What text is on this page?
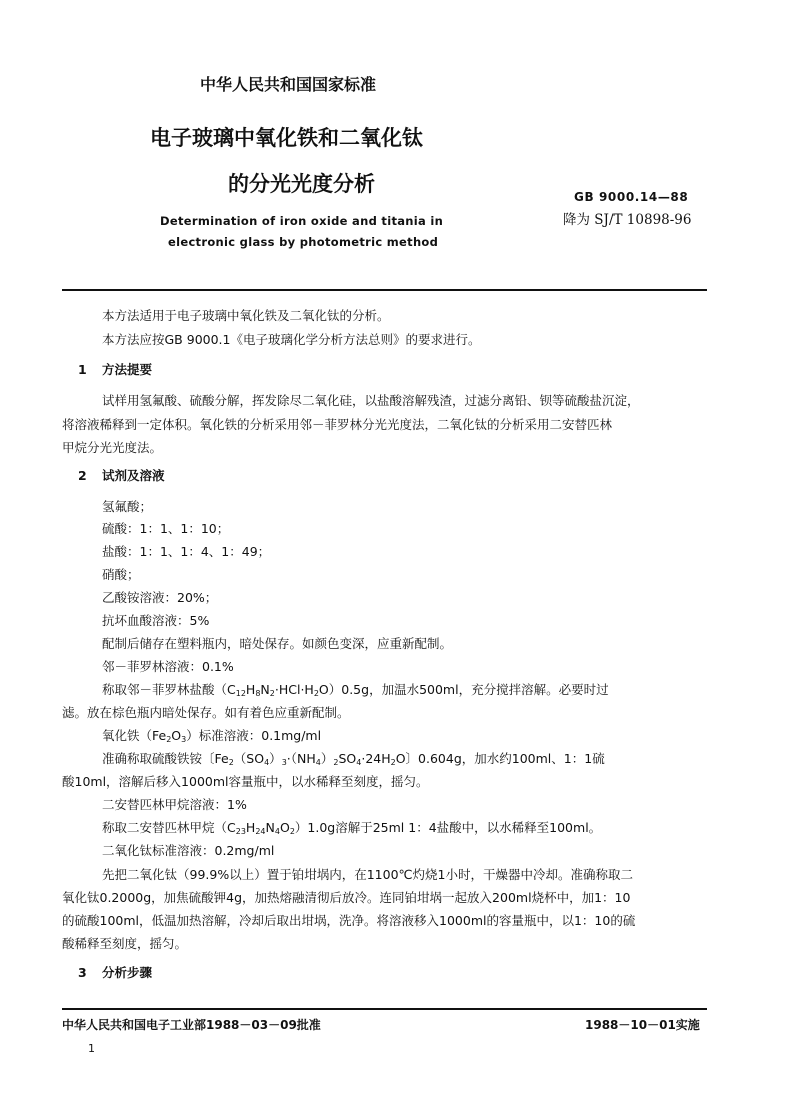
中华人民共和国国家标准
电子玻璃中氧化铁和二氧化钛
的分光光度分析
Determination of iron oxide and titania in
electronic glass by photometric method
GB 9000.14—88
降为 SJ/T 10898-96
本方法适用于电子玻璃中氧化铁及二氧化钛的分析。
本方法应按GB 9000.1《电子玻璃化学分析方法总则》的要求进行。
1 方法提要
试样用氢氟酸、硫酸分解，挥发除尽二氧化硅，以盐酸溶解残渣，过滤分离铅、钡等硫酸盐沉淀，
将溶液稀释到一定体积。氧化铁的分析采用邻－菲罗林分光光度法，二氧化钛的分析采用二安替匹林
甲烷分光光度法。
2 试剂及溶液
氢氟酸；
硫酸：1：1、1：10；
盐酸：1：1、1：4、1：49；
硝酸；
乙酸铵溶液：20%；
抗坏血酸溶液：5%
配制后储存在塑料瓶内，暗处保存。如颜色变深，应重新配制。
邻－菲罗林溶液：0.1%
称取邻－菲罗林盐酸$(C_{12}H_8N_2\cdot HCl\cdot H_2O)0.5g$，加温水500ml，充分搅拌溶解。必要时过
滤。放在棕色瓶内暗处保存。如有着色应重新配制。
氧化铁$(Fe_2O_3)$标准溶液：0.1mg/ml
准确称取硫酸铁铵〔$Fe_2(SO_4)_3\cdot(NH_4)_2SO_4\cdot 24H_2O$〕0.604g，加水约100ml、1：1硫
酸10ml，溶解后移入1000ml容量瓶中，以水稀释至刻度，摇匀。
二安替匹林甲烷溶液：1%
称取二安替匹林甲烷$(C_{23}H_{24}N_4O_2)1.0g$溶解于25ml 1：4盐酸中，以水稀释至100ml。
二氧化钛标准溶液：0.2mg/ml
先把二氧化钛（99.9%以上）置于铂坩埚内，在1100℃灼烧1小时，干燥器中冷却。准确称取二
氧化钛0.2000g，加焦硫酸钾4g，加热熔融清彻后放冷。连同铂坩埚一起放入200ml烧杯中，加1：10
的硫酸100ml，低温加热溶解，冷却后取出坩埚，洗净。将溶液移入1000ml的容量瓶中，以1：10的硫
酸稀释至刻度，摇匀。
3 分析步骤
中华人民共和国电子工业部1988－03－09批准	1988－10－01实施
1
